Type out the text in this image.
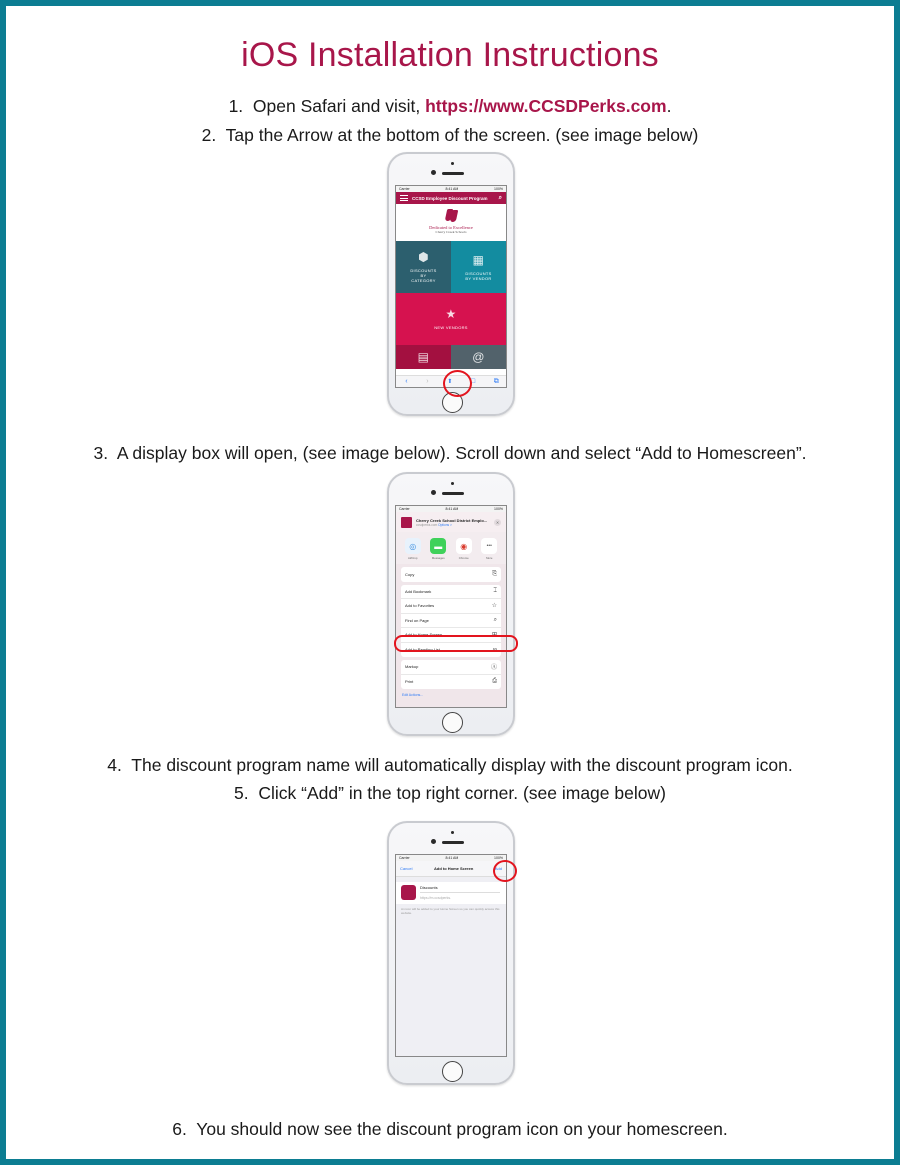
iOS Installation Instructions

1. Open Safari and visit, https://www.CCSDPerks.com.

2. Tap the Arrow at the bottom of the screen. (see image below)

Carrier	8:41 AM	100%
CCSD Employee Discount Program	⌕
Dedicated to Excellence
Cherry Creek Schools
⬢
DISCOUNTS BY CATEGORY
▦
DISCOUNTS BY VENDOR
★
NEW VENDORS
▤	@
‹	›	⬆	□	⧉

3. A display box will open, (see image below). Scroll down and select “Add to Homescreen”.

Carrier	8:41 AM	100%
Cherry Creek School District Emplo...
ccsdperks.com Options >	✕
◎
AirDrop
▬
Messages
◉
Chrome
•••
More
Copy	⎘
Add Bookmark	⌶
Add to Favorites	☆
Find on Page	⌕
Add to Home Screen	⊞
Add to Reading List	∞
Markup	Ⓐ
Print	⎙
Edit Actions...

4. The discount program name will automatically display with the discount program icon.

5. Click “Add” in the top right corner. (see image below)

Carrier	8:41 AM	100%
Cancel	Add to Home Screen	Add
Discounts
https://m.ccsdperks.
An icon will be added to your Home Screen so you can quickly access this website.

6. You should now see the discount program icon on your homescreen.
